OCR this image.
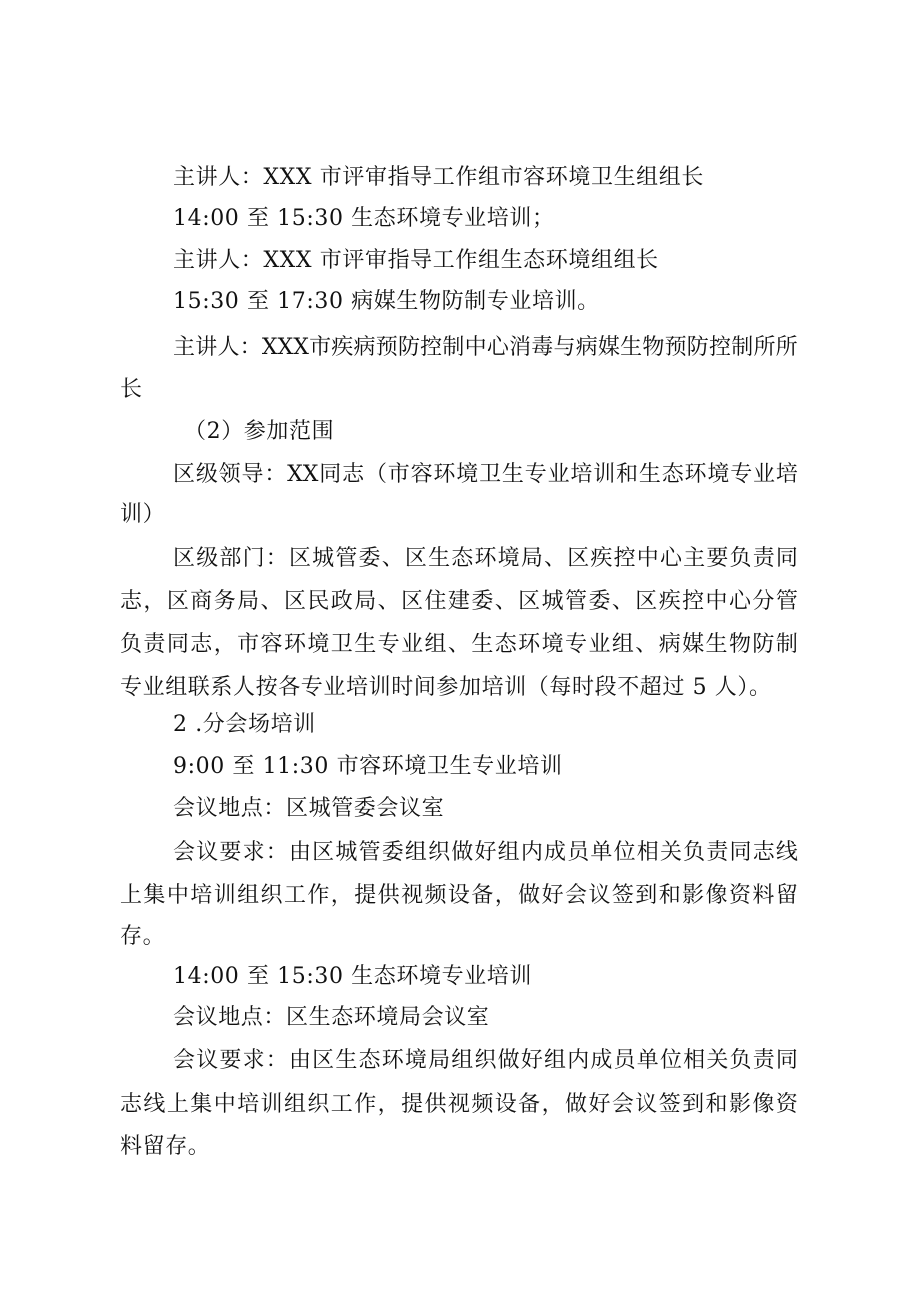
主讲人：XXX 市评审指导工作组市容环境卫生组组长
14:00 至 15:30 生态环境专业培训；
主讲人：XXX 市评审指导工作组生态环境组组长
15:30 至 17:30 病媒生物防制专业培训。
主 讲 人 ： XXX 市 疾 病 预 防 控 制 中 心 消 毒 与 病 媒 生 物 预 防 控 制 所 所
长
（2）参加范围
区 级 领 导 ： XX 同 志 （ 市 容 环 境 卫 生 专 业 培 训 和 生 态 环 境 专 业 培
训）
区 级 部 门 ： 区 城 管 委 、 区 生 态 环 境 局 、 区 疾 控 中 心 主 要 负 责 同
志 ， 区 商 务 局 、 区 民 政 局 、 区 住 建 委 、 区 城 管 委 、 区 疾 控 中 心 分 管
负 责 同 志 ， 市 容 环 境 卫 生 专 业 组 、 生 态 环 境 专 业 组 、 病 媒 生 物 防 制
专业组联系人按各专业培训时间参加培训（每时段不超过 5 人）。
2 .分会场培训
9:00 至 11:30 市容环境卫生专业培训
会议地点：区城管委会议室
会 议 要 求 ： 由 区 城 管 委 组 织 做 好 组 内 成 员 单 位 相 关 负 责 同 志 线
上 集 中 培 训 组 织 工 作 ， 提 供 视 频 设 备 ， 做 好 会 议 签 到 和 影 像 资 料 留
存。
14:00 至 15:30 生态环境专业培训
会议地点：区生态环境局会议室
会 议 要 求 ： 由 区 生 态 环 境 局 组 织 做 好 组 内 成 员 单 位 相 关 负 责 同
志 线 上 集 中 培 训 组 织 工 作 ， 提 供 视 频 设 备 ， 做 好 会 议 签 到 和 影 像 资
料留存。
